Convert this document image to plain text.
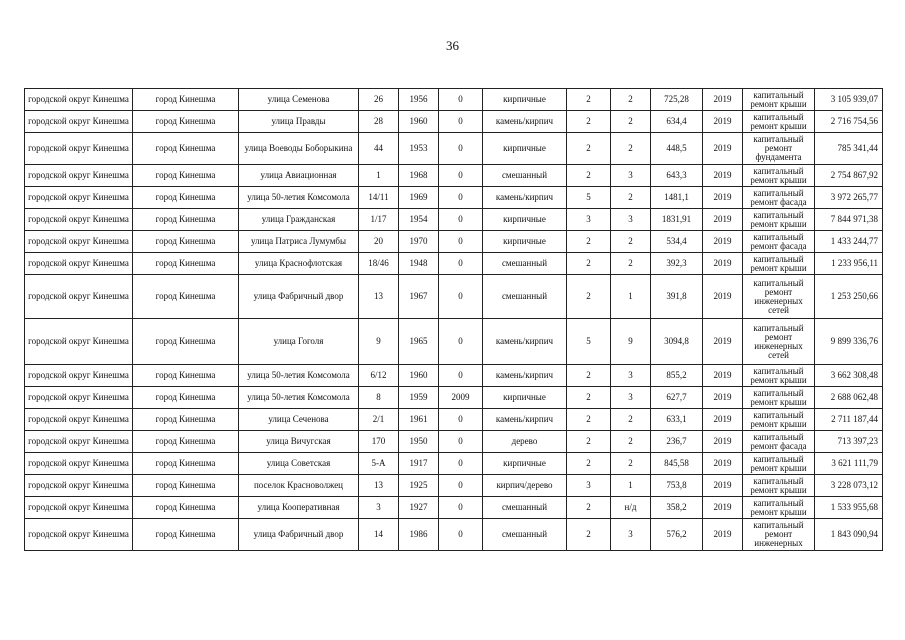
36
городской округ Кинешма	город Кинешма	улица Семенова	26	1956	0	кирпичные	2	2	725,28	2019	капитальный ремонт крыши	3 105 939,07
городской округ Кинешма	город Кинешма	улица Правды	28	1960	0	камень/кирпич	2	2	634,4	2019	капитальный ремонт крыши	2 716 754,56
городской округ Кинешма	город Кинешма	улица Воеводы Боборыкина	44	1953	0	кирпичные	2	2	448,5	2019	капитальный ремонт фундамента	785 341,44
городской округ Кинешма	город Кинешма	улица Авиационная	1	1968	0	смешанный	2	3	643,3	2019	капитальный ремонт крыши	2 754 867,92
городской округ Кинешма	город Кинешма	улица 50-летия Комсомола	14/11	1969	0	камень/кирпич	5	2	1481,1	2019	капитальный ремонт фасада	3 972 265,77
городской округ Кинешма	город Кинешма	улица Гражданская	1/17	1954	0	кирпичные	3	3	1831,91	2019	капитальный ремонт крыши	7 844 971,38
городской округ Кинешма	город Кинешма	улица Патриса Лумумбы	20	1970	0	кирпичные	2	2	534,4	2019	капитальный ремонт фасада	1 433 244,77
городской округ Кинешма	город Кинешма	улица Краснофлотская	18/46	1948	0	смешанный	2	2	392,3	2019	капитальный ремонт крыши	1 233 956,11
городской округ Кинешма	город Кинешма	улица Фабричный двор	13	1967	0	смешанный	2	1	391,8	2019	капитальный ремонт инженерных сетей	1 253 250,66
городской округ Кинешма	город Кинешма	улица Гоголя	9	1965	0	камень/кирпич	5	9	3094,8	2019	капитальный ремонт инженерных сетей	9 899 336,76
городской округ Кинешма	город Кинешма	улица 50-летия Комсомола	6/12	1960	0	камень/кирпич	2	3	855,2	2019	капитальный ремонт крыши	3 662 308,48
городской округ Кинешма	город Кинешма	улица 50-летия Комсомола	8	1959	2009	кирпичные	2	3	627,7	2019	капитальный ремонт крыши	2 688 062,48
городской округ Кинешма	город Кинешма	улица Сеченова	2/1	1961	0	камень/кирпич	2	2	633,1	2019	капитальный ремонт крыши	2 711 187,44
городской округ Кинешма	город Кинешма	улица Вичугская	170	1950	0	дерево	2	2	236,7	2019	капитальный ремонт фасада	713 397,23
городской округ Кинешма	город Кинешма	улица Советская	5-А	1917	0	кирпичные	2	2	845,58	2019	капитальный ремонт крыши	3 621 111,79
городской округ Кинешма	город Кинешма	поселок Красноволжец	13	1925	0	кирпич/дерево	3	1	753,8	2019	капитальный ремонт крыши	3 228 073,12
городской округ Кинешма	город Кинешма	улица Кооперативная	3	1927	0	смешанный	2	н/д	358,2	2019	капитальный ремонт крыши	1 533 955,68
городской округ Кинешма	город Кинешма	улица Фабричный двор	14	1986	0	смешанный	2	3	576,2	2019	капитальный ремонт инженерных	1 843 090,94
